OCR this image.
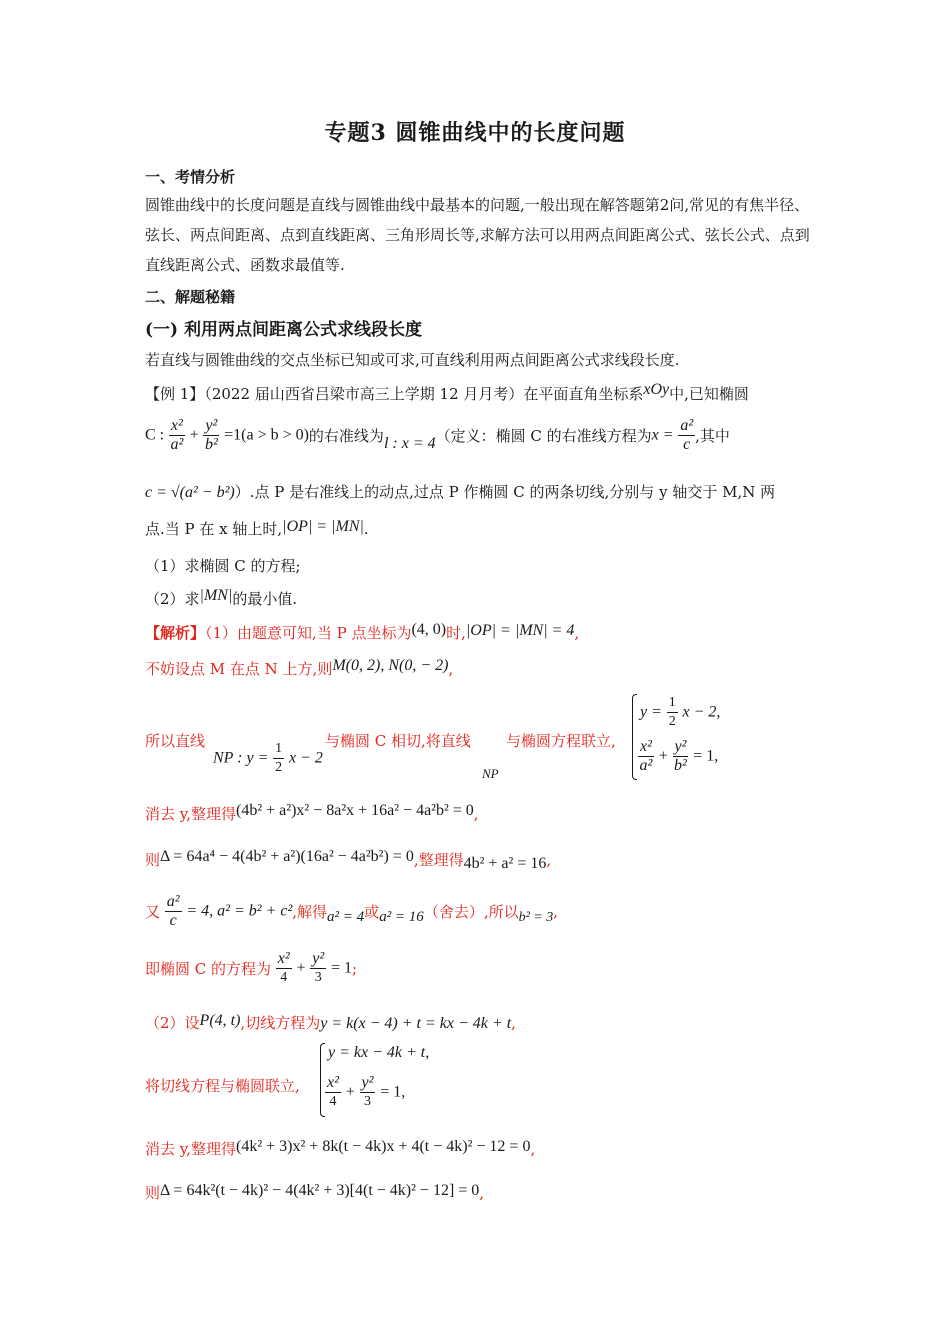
专题3 圆锥曲线中的长度问题
一、考情分析
圆锥曲线中的长度问题是直线与圆锥曲线中最基本的问题,一般出现在解答题第2问,常见的有焦半径、弦长、两点间距离、点到直线距离、三角形周长等,求解方法可以用两点间距离公式、弦长公式、点到直线距离公式、函数求最值等.
二、解题秘籍
(一) 利用两点间距离公式求线段长度
若直线与圆锥曲线的交点坐标已知或可求,可直线利用两点间距离公式求线段长度.
【例 1】（2022 届山西省吕梁市高三上学期 12 月月考）在平面直角坐标系xOy中,已知椭圆
C : $\frac{\text{x²}}{\text{a²}} + \frac{\text{y²}}{\text{b²}} =1(a > b > 0)$的右准线为l : x = 4（定义：椭圆 C 的右准线方程为$x = \frac{\text{a²}}{c}$ ,其中
c = √(a² − b²)）.点 P 是右准线上的动点,过点 P 作椭圆 C 的两条切线,分别与 y 轴交于 M,N 两
点.当 P 在 x 轴上时,|OP| = |MN|.
（1）求椭圆 C 的方程;
（2）求|MN|的最小值.
【解析】（1）由题意可知,当 P 点坐标为(4, 0)时,|OP| = |MN| = 4,
不妨设点 M 在点 N 上方,则M(0, 2), N(0, − 2),
所以直线
NP : $y = \frac{1}{2}$ x − 2
与椭圆 C 相切,将直线
NP
与椭圆方程联立,
$y = \frac{1}{2}$ x − 2,
$\frac{\text{x²}}{\text{a²}} + \frac{\text{y²}}{\text{b²}} = 1$,
消去 y,整理得(4b² + a²)x² − 8a²x + 16a² − 4a²b² = 0,
则Δ = 64a⁴ − 4(4b² + a²)(16a² − 4a²b²) = 0,整理得4b² + a² = 16,
又 $\frac{\text{a²}}{c} = 4$, a² = b² + c²,解得a² = 4或a² = 16（舍去）,所以b² = 3,
即椭圆 C 的方程为 $\frac{\text{x²}}{4} + \frac{\text{y²}}{3} = 1$;
（2）设P(4, t),切线方程为y = k(x − 4) + t = kx − 4k + t,
将切线方程与椭圆联立,
y = kx − 4k + t,
$\frac{\text{x²}}{4} + \frac{\text{y²}}{3} = 1$,
消去 y,整理得(4k² + 3)x² + 8k(t − 4k)x + 4(t − 4k)² − 12 = 0,
则Δ = 64k²(t − 4k)² − 4(4k² + 3)[4(t − 4k)² − 12] = 0,
